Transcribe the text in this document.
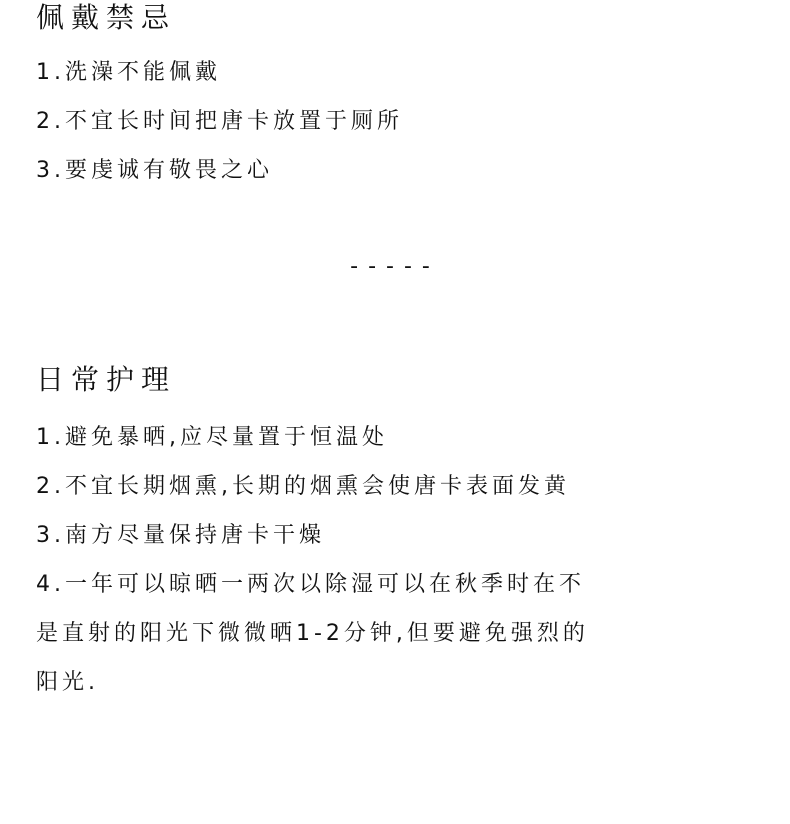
佩戴禁忌
1.洗澡不能佩戴
2.不宜长时间把唐卡放置于厕所
3.要虔诚有敬畏之心
-----
日常护理
1.避免暴晒,应尽量置于恒温处
2.不宜长期烟熏,长期的烟熏会使唐卡表面发黄
3.南方尽量保持唐卡干燥
4.一年可以晾晒一两次以除湿可以在秋季时在不
是直射的阳光下微微晒1-2分钟,但要避免强烈的
阳光.
